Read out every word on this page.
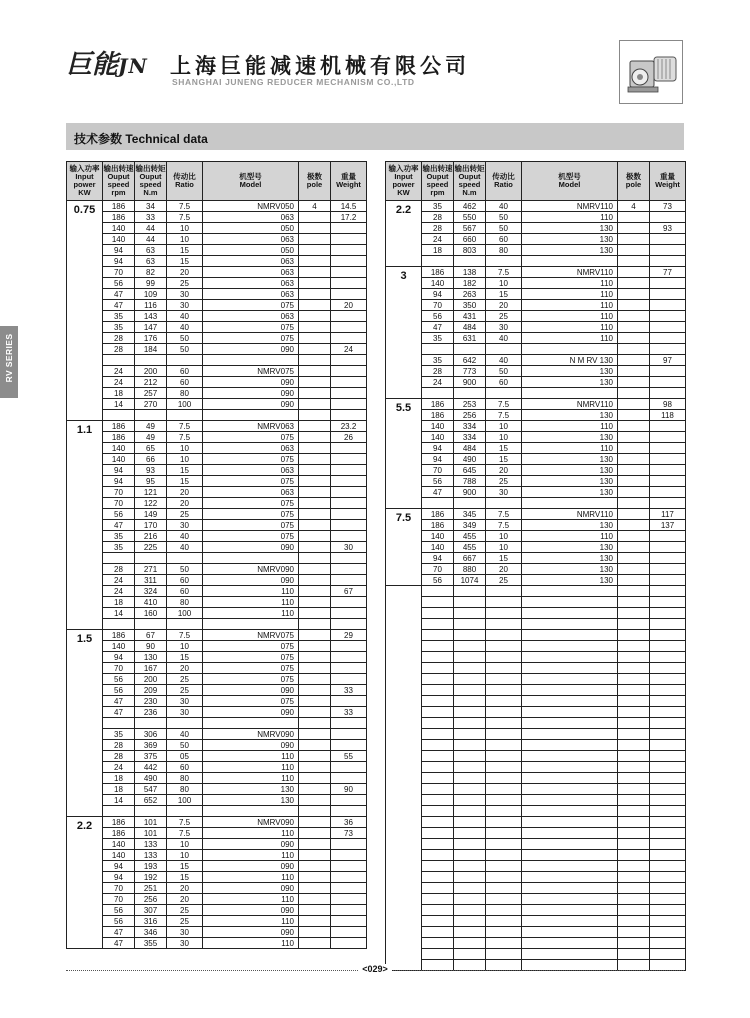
巨能 JN 上海巨能减速机械有限公司
SHANGHAI JUNENG REDUCER MECHANISM CO.,LTD
技术参数 Technical data
RV SERIES
输入功率
Input
power
KW	输出转速
Ouput
speed
rpm	输出转矩
Ouput
speed
N.m	传动比
Ratio	机型号
Model	极数
pole	重量
Weight
0.75	186	34	7.5	NMRV050	4	14.5
	186	33	7.5	063		17.2
	140	44	10	050		
	140	44	10	063		
	94	63	15	050		
	94	63	15	063		
	70	82	20	063		
	56	99	25	063		
	47	109	30	063		
	47	116	30	075		20
	35	143	40	063		
	35	147	40	075		
	28	176	50	075		
	28	184	50	090		24

	24	200	60	NMRV075		
	24	212	60	090		
	18	257	80	090		
	14	270	100	090		

1.1	186	49	7.5	NMRV063		23.2
	186	49	7.5	075		26
	140	65	10	063		
	140	66	10	075		
	94	93	15	063		
	94	95	15	075		
	70	121	20	063		
	70	122	20	075		
	56	149	25	075		
	47	170	30	075		
	35	216	40	075		
	35	225	40	090		30

	28	271	50	NMRV090		
	24	311	60	090		
	24	324	60	110		67
	18	410	80	110		
	14	160	100	110		

1.5	186	67	7.5	NMRV075		29
	140	90	10	075		
	94	130	15	075		
	70	167	20	075		
	56	200	25	075		
	56	209	25	090		33
	47	230	30	075		
	47	236	30	090		33

	35	306	40	NMRV090		
	28	369	50	090		
	28	375	05	110		55
	24	442	60	110		
	18	490	80	110		
	18	547	80	130		90
	14	652	100	130		

2.2	186	101	7.5	NMRV090		36
	186	101	7.5	110		73
	140	133	10	090		
	140	133	10	110		
	94	193	15	090		
	94	192	15	110		
	70	251	20	090		
	70	256	20	110		
	56	307	25	090		
	56	316	25	110		
	47	346	30	090		
	47	355	30	110		
输入功率
Input
power
KW	输出转速
Ouput
speed
rpm	输出转矩
Ouput
speed
N.m	传动比
Ratio	机型号
Model	极数
pole	重量
Weight
2.2	35	462	40	NMRV110	4	73
	28	550	50	110		
	28	567	50	130		93
	24	660	60	130		
	18	803	80	130		

3	186	138	7.5	NMRV110		77
	140	182	10	110		
	94	263	15	110		
	70	350	20	110		
	56	431	25	110		
	47	484	30	110		
	35	631	40	110		

	35	642	40	N M RV 130		97
	28	773	50	130		
	24	900	60	130		

5.5	186	253	7.5	NMRV110		98
	186	256	7.5	130		118
	140	334	10	110		
	140	334	10	130		
	94	484	15	110		
	94	490	15	130		
	70	645	20	130		
	56	788	25	130		
	47	900	30	130		

7.5	186	345	7.5	NMRV110		117
	186	349	7.5	130		137
	140	455	10	110		
	140	455	10	130		
	94	667	15	130		
	70	880	20	130		
	56	1074	25	130		

<029>
